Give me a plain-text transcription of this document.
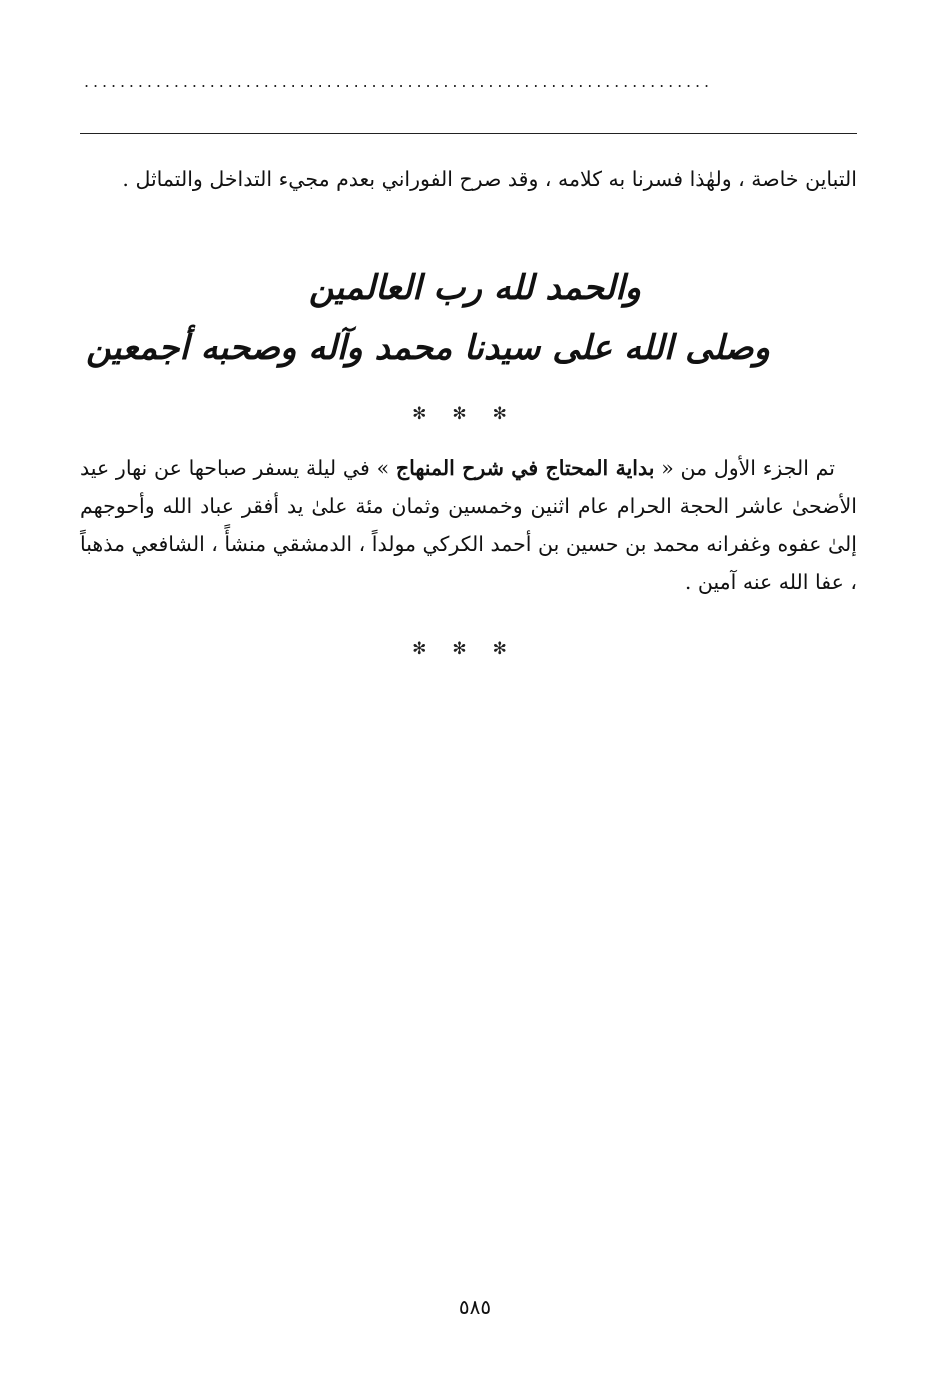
......................................................................

التباين خاصة ، ولهٰذا فسرنا به كلامه ، وقد صرح الفوراني بعدم مجيء التداخل والتماثل .

والحمد لله رب العالمين
وصلى الله على سيدنا محمد وآله وصحبه أجمعين
✻✻✻

تم الجزء الأول من « بداية المحتاج في شرح المنهاج » في ليلة يسفر صباحها عن نهار عيد الأضحىٰ عاشر الحجة الحرام عام اثنين وخمسين وثمان مئة علىٰ يد أفقر عباد الله وأحوجهم إلىٰ عفوه وغفرانه محمد بن حسين بن أحمد الكركي مولداً ، الدمشقي منشأً ، الشافعي مذهباً ، عفا الله عنه آمين .

✻✻✻
٥٨٥
